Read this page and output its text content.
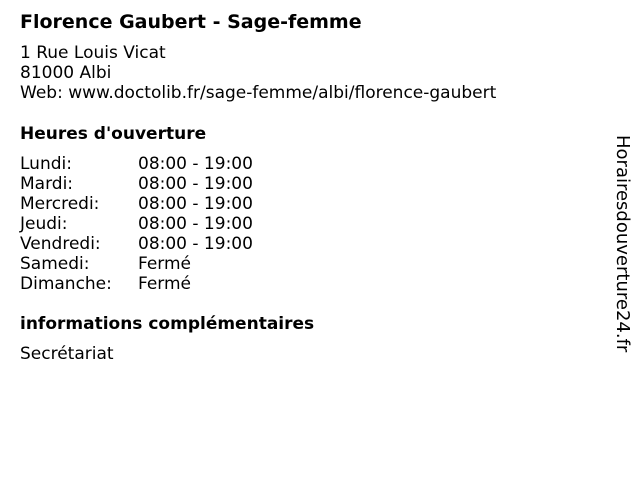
Florence Gaubert - Sage-femme
1 Rue Louis Vicat
81000 Albi
Web: www.doctolib.fr/sage-femme/albi/florence-gaubert
Heures d'ouverture
Lundi:	08:00 - 19:00
Mardi:	08:00 - 19:00
Mercredi: 08:00 - 19:00
Jeudi:	08:00 - 19:00
Vendredi: 08:00 - 19:00
Samedi:	Fermé
Dimanche: Fermé
informations complémentaires
Secrétariat
Horairesdouverture24.fr
